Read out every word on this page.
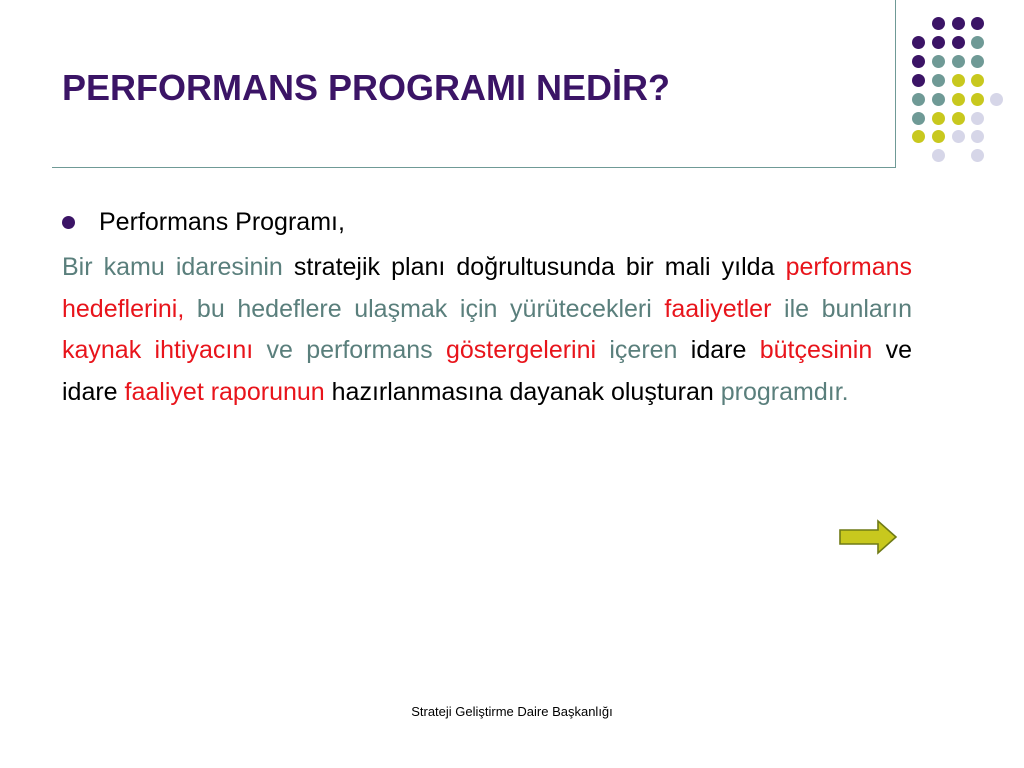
PERFORMANS PROGRAMI NEDİR?
Performans Programı,

Bir kamu idaresinin stratejik planı doğrultusunda bir mali yılda performans hedeflerini, bu hedeflere ulaşmak için yürütecekleri faaliyetler ile bunların kaynak ihtiyacını ve performans göstergelerini içeren idare bütçesinin ve idare faaliyet raporunun hazırlanmasına dayanak oluşturan programdır.

Strateji Geliştirme Daire Başkanlığı
